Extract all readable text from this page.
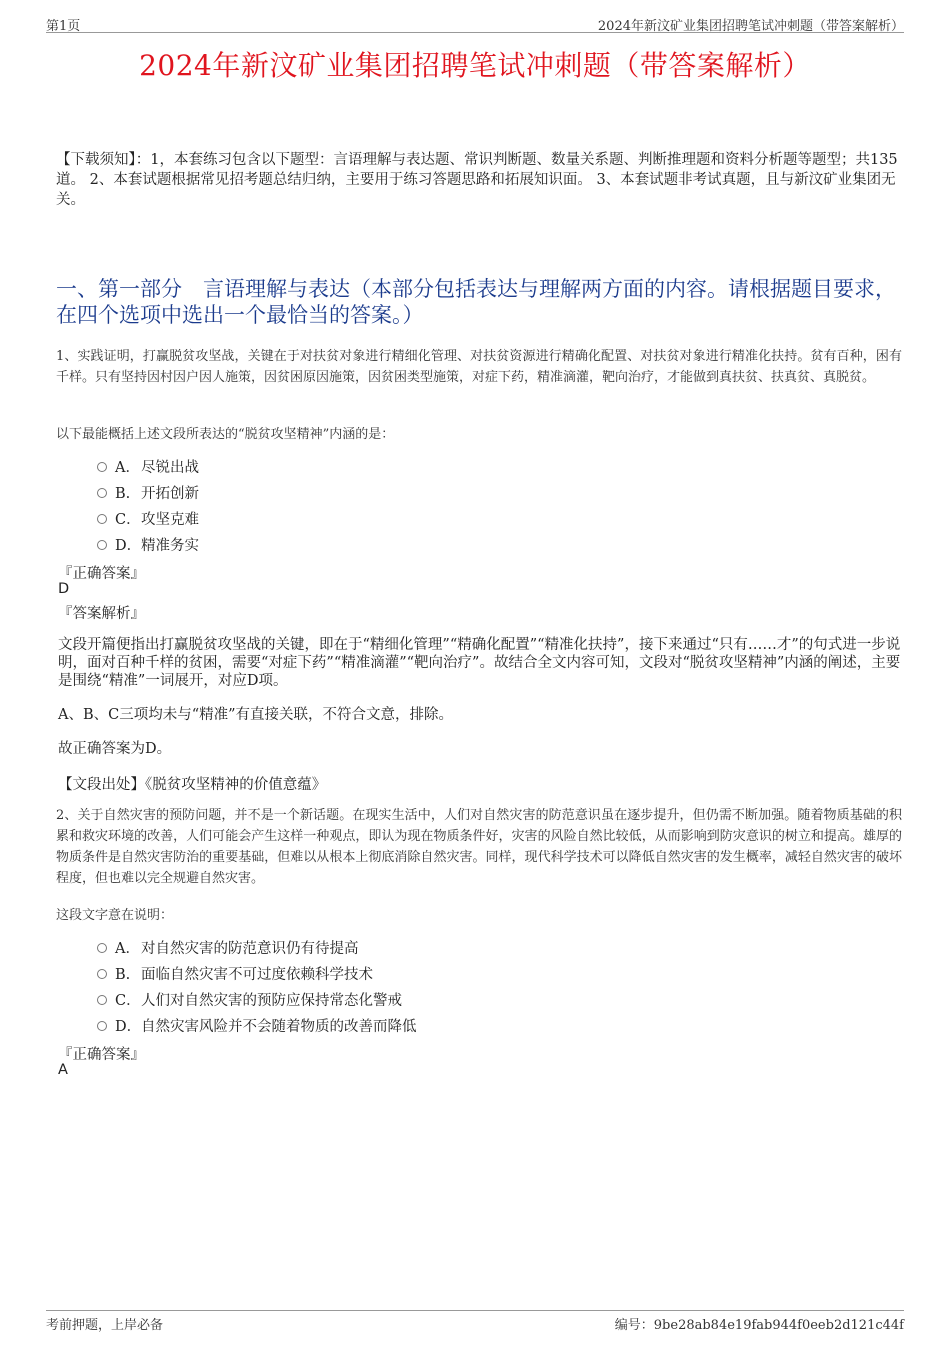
第1页	2024年新汶矿业集团招聘笔试冲刺题（带答案解析）
2024年新汶矿业集团招聘笔试冲刺题（带答案解析）
【下载须知】：1，本套练习包含以下题型：言语理解与表达题、常识判断题、数量关系题、判断推理题和资料分析题等题型；共135道。 2、本套试题根据常见招考题总结归纳，主要用于练习答题思路和拓展知识面。 3、本套试题非考试真题，且与新汶矿业集团无关。
一、第一部分　言语理解与表达（本部分包括表达与理解两方面的内容。请根据题目要求，在四个选项中选出一个最恰当的答案。）
1、实践证明，打赢脱贫攻坚战，关键在于对扶贫对象进行精细化管理、对扶贫资源进行精确化配置、对扶贫对象进行精准化扶持。贫有百种，困有千样。只有坚持因村因户因人施策，因贫困原因施策，因贫困类型施策，对症下药，精准滴灌，靶向治疗，才能做到真扶贫、扶真贫、真脱贫。
以下最能概括上述文段所表达的“脱贫攻坚精神”内涵的是：
A．尽锐出战
B. 开拓创新
C．攻坚克难
D．精准务实
『正确答案』
D
『答案解析』
文段开篇便指出打赢脱贫攻坚战的关键，即在于“精细化管理”“精确化配置”“精准化扶持”，接下来通过“只有……才”的句式进一步说明，面对百种千样的贫困，需要“对症下药”“精准滴灌”“靶向治疗”。故结合全文内容可知，文段对“脱贫攻坚精神”内涵的阐述，主要是围绕“精准”一词展开，对应D项。
A、B、C三项均未与“精准”有直接关联，不符合文意，排除。
故正确答案为D。
【文段出处】《脱贫攻坚精神的价值意蕴》
2、关于自然灾害的预防问题，并不是一个新话题。在现实生活中，人们对自然灾害的防范意识虽在逐步提升，但仍需不断加强。随着物质基础的积累和救灾环境的改善，人们可能会产生这样一种观点，即认为现在物质条件好，灾害的风险自然比较低，从而影响到防灾意识的树立和提高。雄厚的物质条件是自然灾害防治的重要基础，但难以从根本上彻底消除自然灾害。同样，现代科学技术可以降低自然灾害的发生概率，减轻自然灾害的破坏程度，但也难以完全规避自然灾害。
这段文字意在说明：
A．对自然灾害的防范意识仍有待提高
B. 面临自然灾害不可过度依赖科学技术
C．人们对自然灾害的预防应保持常态化警戒
D．自然灾害风险并不会随着物质的改善而降低
『正确答案』
A
考前押题，上岸必备	编号：9be28ab84e19fab944f0eeb2d121c44f
